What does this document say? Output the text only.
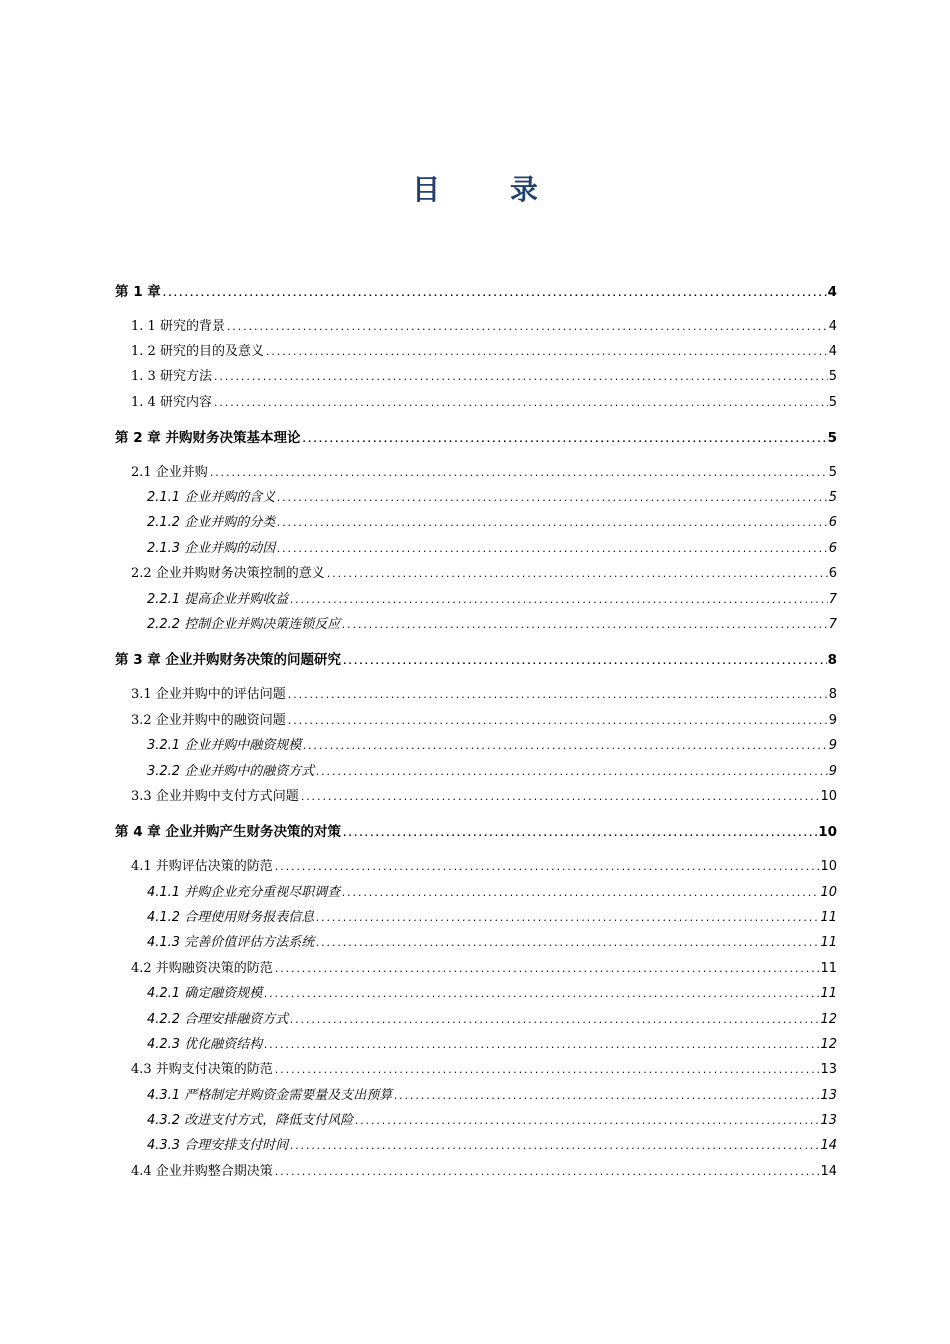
目 录
第 1 章 .....	4
1. 1 研究的背景 .....	4
1. 2 研究的目的及意义 .....	4
1. 3 研究方法 .....	5
1. 4 研究内容 .....	5
第 2 章 并购财务决策基本理论 .....	5
2.1 企业并购 .....	5
2.1.1 企业并购的含义 .....	5
2.1.2 企业并购的分类 .....	6
2.1.3 企业并购的动因 .....	6
2.2 企业并购财务决策控制的意义 .....	6
2.2.1 提高企业并购收益 .....	7
2.2.2 控制企业并购决策连锁反应 .....	7
第 3 章 企业并购财务决策的问题研究 .....	8
3.1 企业并购中的评估问题 .....	8
3.2 企业并购中的融资问题 .....	9
3.2.1 企业并购中融资规模 .....	9
3.2.2 企业并购中的融资方式 .....	9
3.3 企业并购中支付方式问题 .....	10
第 4 章 企业并购产生财务决策的对策 .....	10
4.1 并购评估决策的防范 .....	10
4.1.1 并购企业充分重视尽职调查 .....	10
4.1.2 合理使用财务报表信息 .....	11
4.1.3 完善价值评估方法系统 .....	11
4.2 并购融资决策的防范 .....	11
4.2.1 确定融资规模 .....	11
4.2.2 合理安排融资方式 .....	12
4.2.3 优化融资结构 .....	12
4.3 并购支付决策的防范 .....	13
4.3.1 严格制定并购资金需要量及支出预算 .....	13
4.3.2 改进支付方式，降低支付风险 .....	13
4.3.3 合理安排支付时间 .....	14
4.4 企业并购整合期决策 .....	14
